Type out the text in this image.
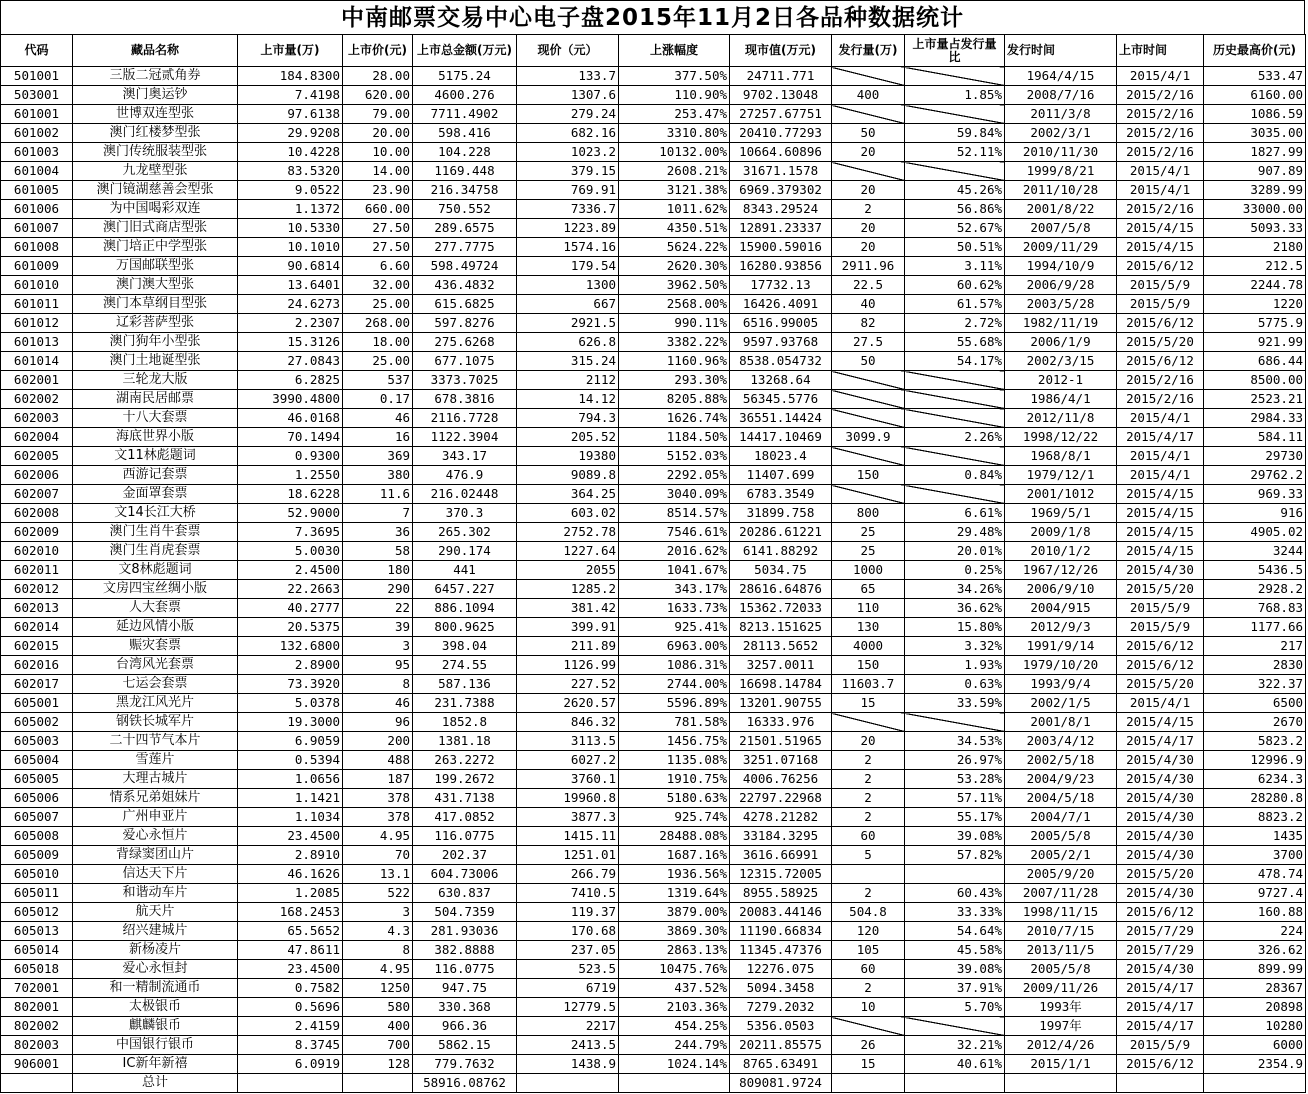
中南邮票交易中心电子盘2015年11月2日各品种数据统计
代码	藏品名称	上市量(万)	上市价(元)	上市总金额(万元)	现价（元）	上涨幅度	现市值(万元)	发行量(万)	上市量占发行量比	发行时间	上市时间	历史最高价(元)
501001	三版二冠贰角券	184.8300	28.00	5175.24	133.7	377.50%	24711.771			1964/4/15	2015/4/1	533.47
503001	澳门奥运钞	7.4198	620.00	4600.276	1307.6	110.90%	9702.13048	400	1.85%	2008/7/16	2015/2/16	6160.00
601001	世博双连型张	97.6138	79.00	7711.4902	279.24	253.47%	27257.67751			2011/3/8	2015/2/16	1086.59
601002	澳门红楼梦型张	29.9208	20.00	598.416	682.16	3310.80%	20410.77293	50	59.84%	2002/3/1	2015/2/16	3035.00
601003	澳门传统服装型张	10.4228	10.00	104.228	1023.2	10132.00%	10664.60896	20	52.11%	2010/11/30	2015/2/16	1827.99
601004	九龙壁型张	83.5320	14.00	1169.448	379.15	2608.21%	31671.1578			1999/8/21	2015/4/1	907.89
601005	澳门镜湖慈善会型张	9.0522	23.90	216.34758	769.91	3121.38%	6969.379302	20	45.26%	2011/10/28	2015/4/1	3289.99
601006	为中国喝彩双连	1.1372	660.00	750.552	7336.7	1011.62%	8343.29524	2	56.86%	2001/8/22	2015/2/16	33000.00
601007	澳门旧式商店型张	10.5330	27.50	289.6575	1223.89	4350.51%	12891.23337	20	52.67%	2007/5/8	2015/4/15	5093.33
601008	澳门培正中学型张	10.1010	27.50	277.7775	1574.16	5624.22%	15900.59016	20	50.51%	2009/11/29	2015/4/15	2180
601009	万国邮联型张	90.6814	6.60	598.49724	179.54	2620.30%	16280.93856	2911.96	3.11%	1994/10/9	2015/6/12	212.5
601010	澳门澳大型张	13.6401	32.00	436.4832	1300	3962.50%	17732.13	22.5	60.62%	2006/9/28	2015/5/9	2244.78
601011	澳门本草纲目型张	24.6273	25.00	615.6825	667	2568.00%	16426.4091	40	61.57%	2003/5/28	2015/5/9	1220
601012	辽彩菩萨型张	2.2307	268.00	597.8276	2921.5	990.11%	6516.99005	82	2.72%	1982/11/19	2015/6/12	5775.9
601013	澳门狗年小型张	15.3126	18.00	275.6268	626.8	3382.22%	9597.93768	27.5	55.68%	2006/1/9	2015/5/20	921.99
601014	澳门土地诞型张	27.0843	25.00	677.1075	315.24	1160.96%	8538.054732	50	54.17%	2002/3/15	2015/6/12	686.44
602001	三轮龙大版	6.2825	537	3373.7025	2112	293.30%	13268.64			2012-1	2015/2/16	8500.00
602002	湖南民居邮票	3990.4800	0.17	678.3816	14.12	8205.88%	56345.5776			1986/4/1	2015/2/16	2523.21
602003	十八大套票	46.0168	46	2116.7728	794.3	1626.74%	36551.14424			2012/11/8	2015/4/1	2984.33
602004	海底世界小版	70.1494	16	1122.3904	205.52	1184.50%	14417.10469	3099.9	2.26%	1998/12/22	2015/4/17	584.11
602005	文11林彪题词	0.9300	369	343.17	19380	5152.03%	18023.4			1968/8/1	2015/4/1	29730
602006	西游记套票	1.2550	380	476.9	9089.8	2292.05%	11407.699	150	0.84%	1979/12/1	2015/4/1	29762.2
602007	金面罩套票	18.6228	11.6	216.02448	364.25	3040.09%	6783.3549			2001/1012	2015/4/15	969.33
602008	文14长江大桥	52.9000	7	370.3	603.02	8514.57%	31899.758	800	6.61%	1969/5/1	2015/4/15	916
602009	澳门生肖牛套票	7.3695	36	265.302	2752.78	7546.61%	20286.61221	25	29.48%	2009/1/8	2015/4/15	4905.02
602010	澳门生肖虎套票	5.0030	58	290.174	1227.64	2016.62%	6141.88292	25	20.01%	2010/1/2	2015/4/15	3244
602011	文8林彪题词	2.4500	180	441	2055	1041.67%	5034.75	1000	0.25%	1967/12/26	2015/4/30	5436.5
602012	文房四宝丝绸小版	22.2663	290	6457.227	1285.2	343.17%	28616.64876	65	34.26%	2006/9/10	2015/5/20	2928.2
602013	人大套票	40.2777	22	886.1094	381.42	1633.73%	15362.72033	110	36.62%	2004/915	2015/5/9	768.83
602014	延边风情小版	20.5375	39	800.9625	399.91	925.41%	8213.151625	130	15.80%	2012/9/3	2015/5/9	1177.66
602015	赈灾套票	132.6800	3	398.04	211.89	6963.00%	28113.5652	4000	3.32%	1991/9/14	2015/6/12	217
602016	台湾风光套票	2.8900	95	274.55	1126.99	1086.31%	3257.0011	150	1.93%	1979/10/20	2015/6/12	2830
602017	七运会套票	73.3920	8	587.136	227.52	2744.00%	16698.14784	11603.7	0.63%	1993/9/4	2015/5/20	322.37
605001	黑龙江风光片	5.0378	46	231.7388	2620.57	5596.89%	13201.90755	15	33.59%	2002/1/5	2015/4/1	6500
605002	钢铁长城军片	19.3000	96	1852.8	846.32	781.58%	16333.976			2001/8/1	2015/4/15	2670
605003	二十四节气本片	6.9059	200	1381.18	3113.5	1456.75%	21501.51965	20	34.53%	2003/4/12	2015/4/17	5823.2
605004	雪莲片	0.5394	488	263.2272	6027.2	1135.08%	3251.07168	2	26.97%	2002/5/18	2015/4/30	12996.9
605005	大理古城片	1.0656	187	199.2672	3760.1	1910.75%	4006.76256	2	53.28%	2004/9/23	2015/4/30	6234.3
605006	情系兄弟姐妹片	1.1421	378	431.7138	19960.8	5180.63%	22797.22968	2	57.11%	2004/5/18	2015/4/30	28280.8
605007	广州申亚片	1.1034	378	417.0852	3877.3	925.74%	4278.21282	2	55.17%	2004/7/1	2015/4/30	8823.2
605008	爱心永恒片	23.4500	4.95	116.0775	1415.11	28488.08%	33184.3295	60	39.08%	2005/5/8	2015/4/30	1435
605009	背绿窦团山片	2.8910	70	202.37	1251.01	1687.16%	3616.66991	5	57.82%	2005/2/1	2015/4/30	3700
605010	信达天下片	46.1626	13.1	604.73006	266.79	1936.56%	12315.72005			2005/9/20	2015/5/20	478.74
605011	和谐动车片	1.2085	522	630.837	7410.5	1319.64%	8955.58925	2	60.43%	2007/11/28	2015/4/30	9727.4
605012	航天片	168.2453	3	504.7359	119.37	3879.00%	20083.44146	504.8	33.33%	1998/11/15	2015/6/12	160.88
605013	绍兴建城片	65.5652	4.3	281.93036	170.68	3869.30%	11190.66834	120	54.64%	2010/7/15	2015/7/29	224
605014	新杨凌片	47.8611	8	382.8888	237.05	2863.13%	11345.47376	105	45.58%	2013/11/5	2015/7/29	326.62
605018	爱心永恒封	23.4500	4.95	116.0775	523.5	10475.76%	12276.075	60	39.08%	2005/5/8	2015/4/30	899.99
702001	和一精制流通币	0.7582	1250	947.75	6719	437.52%	5094.3458	2	37.91%	2009/11/26	2015/4/17	28367
802001	太极银币	0.5696	580	330.368	12779.5	2103.36%	7279.2032	10	5.70%	1993年	2015/4/17	20898
802002	麒麟银币	2.4159	400	966.36	2217	454.25%	5356.0503			1997年	2015/4/17	10280
802003	中国银行银币	8.3745	700	5862.15	2413.5	244.79%	20211.85575	26	32.21%	2012/4/26	2015/5/9	6000
906001	IC新年新禧	6.0919	128	779.7632	1438.9	1024.14%	8765.63491	15	40.61%	2015/1/1	2015/6/12	2354.9
	总计			58916.08762			809081.9724					
